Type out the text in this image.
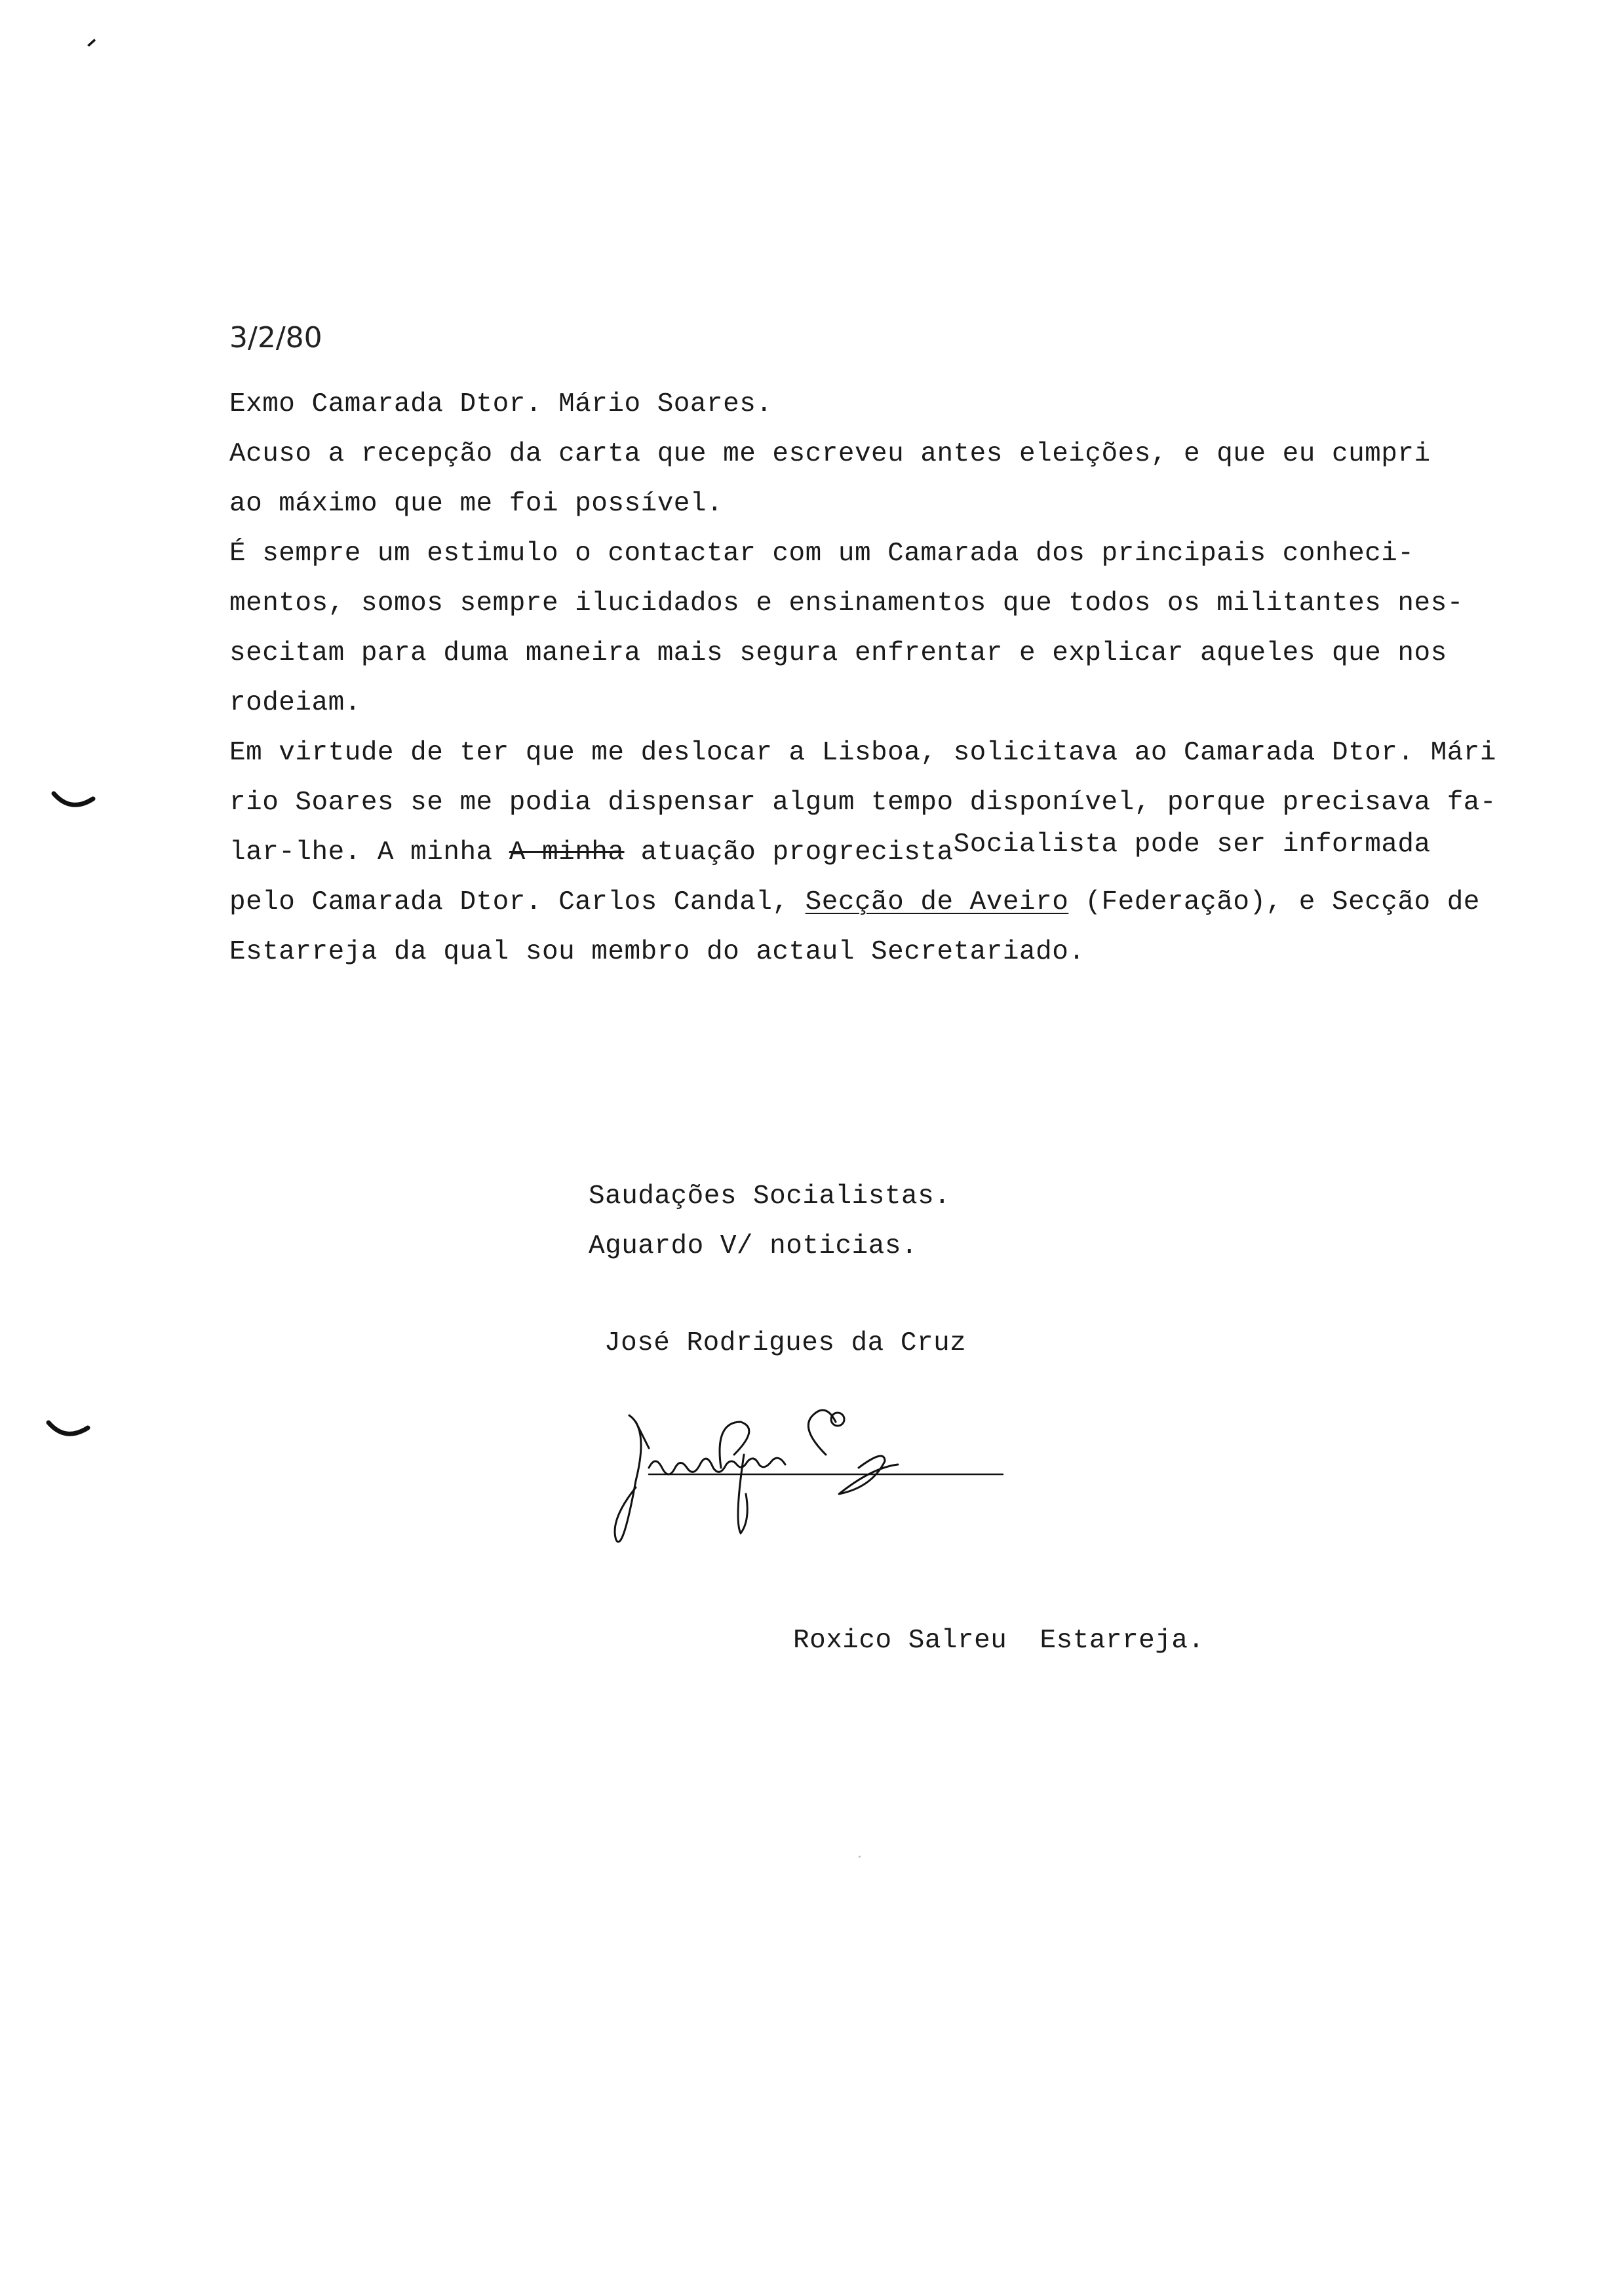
3/2/80
Exmo Camarada Dtor. Mário Soares.
Acuso a recepção da carta que me escreveu antes eleições, e que eu cumpri
ao máximo que me foi possível.
É sempre um estimulo o contactar com um Camarada dos principais conheci-
mentos, somos sempre ilucidados e ensinamentos que todos os militantes nes-
secitam para duma maneira mais segura enfrentar e explicar aqueles que nos
rodeiam.
Em virtude de ter que me deslocar a Lisboa, solicitava ao Camarada Dtor. Mári
rio Soares se me podia dispensar algum tempo disponível, porque precisava fa-
lar-lhe. A minha A minha atuação progrecistaSocialista pode ser informada
pelo Camarada Dtor. Carlos Candal, Secção de Aveiro (Federação), e Secção de
Estarreja da qual sou membro do actaul Secretariado.
Saudações Socialistas.
Aguardo V/ noticias.
José Rodrigues da Cruz
Roxico Salreu  Estarreja.
